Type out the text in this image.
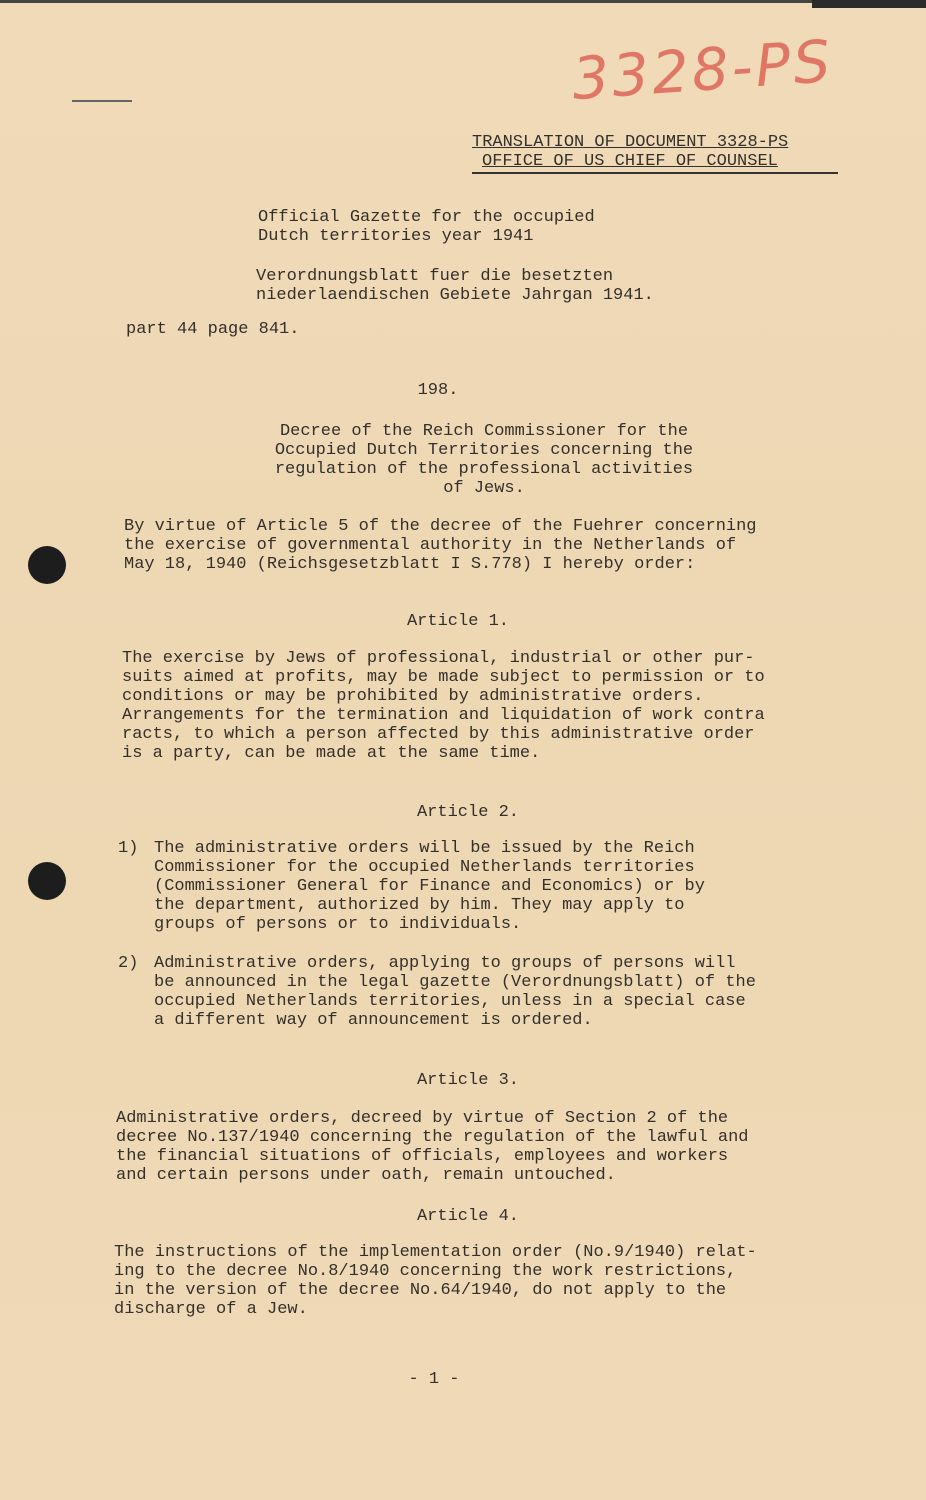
3328-PS
TRANSLATION OF DOCUMENT 3328-PS
OFFICE OF US CHIEF OF COUNSEL
Official Gazette for the occupied
Dutch territories year 1941
Verordnungsblatt fuer die besetzten
niederlaendischen Gebiete Jahrgan 1941.
part 44 page 841.
198.
Decree of the Reich Commissioner for the
Occupied Dutch Territories concerning the
regulation of the professional activities
of Jews.
By virtue of Article 5 of the decree of the Fuehrer concerning
the exercise of governmental authority in the Netherlands of
May 18, 1940 (Reichsgesetzblatt I S.778) I hereby order:
Article 1.
The exercise by Jews of professional, industrial or other pur-
suits aimed at profits, may be made subject to permission or to
conditions or may be prohibited by administrative orders.
Arrangements for the termination and liquidation of work contra
racts, to which a person affected by this administrative order
is a party, can be made at the same time.
Article 2.
1) The administrative orders will be issued by the Reich
Commissioner for the occupied Netherlands territories
(Commissioner General for Finance and Economics) or by
the department, authorized by him. They may apply to
groups of persons or to individuals.
2) Administrative orders, applying to groups of persons will
be announced in the legal gazette (Verordnungsblatt) of the
occupied Netherlands territories, unless in a special case
a different way of announcement is ordered.
Article 3.
Administrative orders, decreed by virtue of Section 2 of the
decree No.137/1940 concerning the regulation of the lawful and
the financial situations of officials, employees and workers
and certain persons under oath, remain untouched.
Article 4.
The instructions of the implementation order (No.9/1940) relat-
ing to the decree No.8/1940 concerning the work restrictions,
in the version of the decree No.64/1940, do not apply to the
discharge of a Jew.
- 1 -
